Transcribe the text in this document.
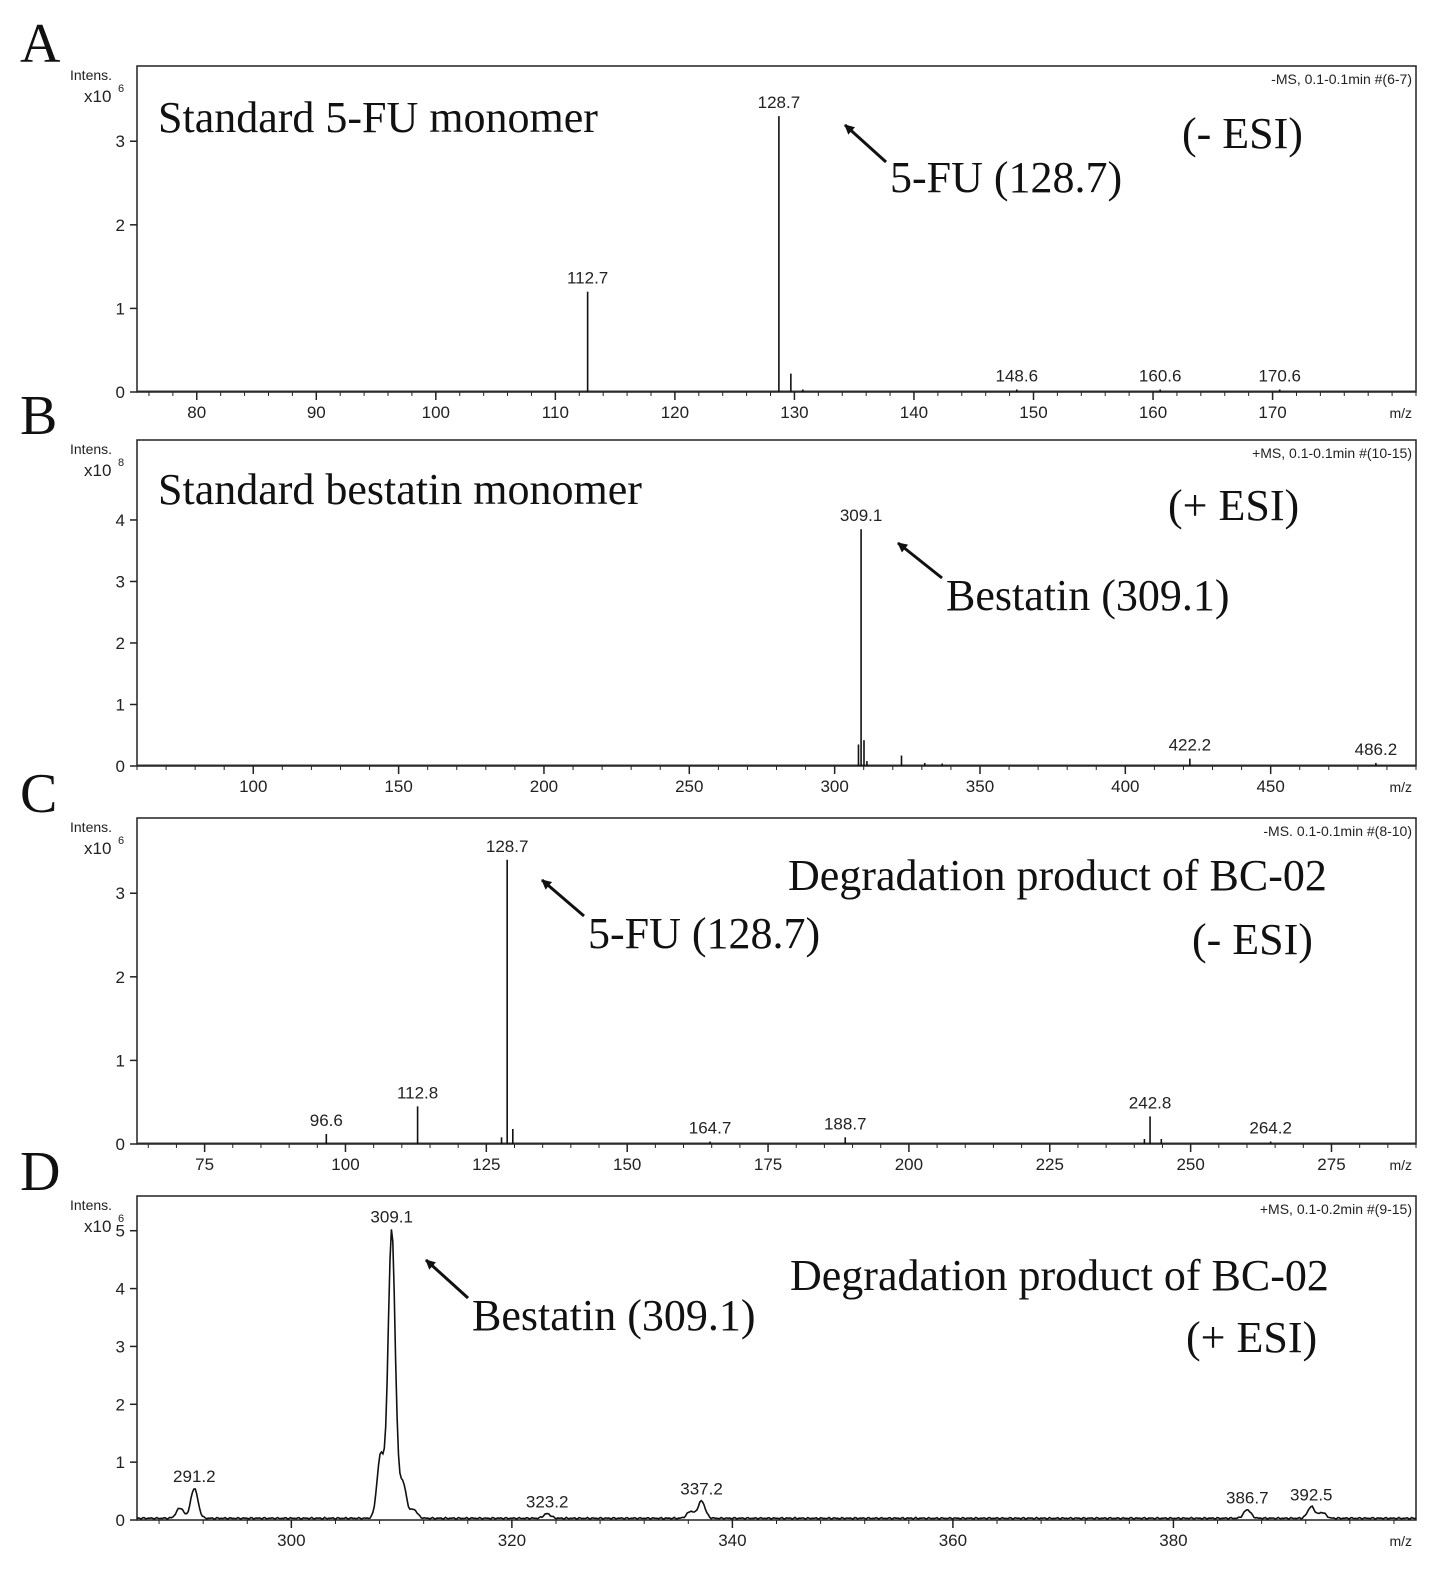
A Intens.
x10 6
0
1
2
3
80	90	100	110	120	130	140	150	160	170	m/z
-MS, 0.1-0.1min #(6-7)
112.7
128.7
148.6	160.6	170.6
Standard 5-FU monomer	(- ESI)
5-FU (128.7)
B
Intens.
x10 8
0
1
2
3
4
100	150	200	250	300	350	400	450	m/z
+MS, 0.1-0.1min #(10-15)
309.1
422.2	486.2
Standard bestatin monomer	(+ ESI)
Bestatin (309.1)
C
Intens.
x10 6
0
1
2
3
75	100	125	150	175	200	225	250	275	m/z
-MS. 0.1-0.1min #(8-10)
96.6
112.8
128.7
164.7	188.7
242.8
264.2
Degradation product of BC-02
(- ESI)
5-FU (128.7)
D
Intens.
x10 6
0
1
2
3
4
5
300	320	340	360	380	m/z
+MS, 0.1-0.2min #(9-15)
291.2
309.1
323.2
337.2	386.7 392.5
Degradation product of BC-02
(+ ESI)
Bestatin (309.1)
